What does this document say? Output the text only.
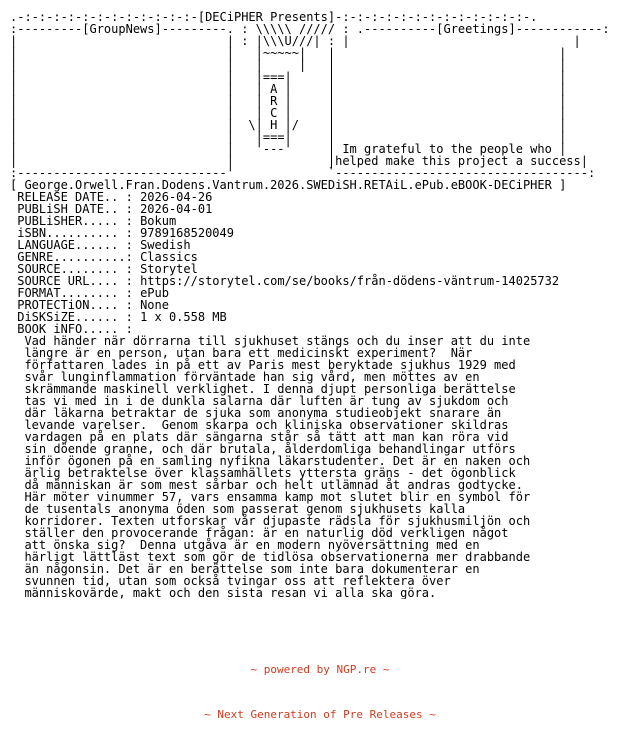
.-:-:-:-:-:-:-:-:-:-:-:-:-[DECiPHER Presents]-:-:-:-:-:-:-:-:-:-:-:-:-:-.
:---------[GroupNews]---------. : \\\\\ ///// : .----------[Greetings]------------:
|                             | : |\\\U///| : |                               |
|                             |   |~~~~~|   |                               |
|                             |   |     |   |                               |
|                             |   |===|     |                               |
|                             |   | A |     |                               |
|                             |   | R |     |                               |
|                             |   | C |     |                               |
|                             |  \| H |/    |                               |
|                             |   |===|     |                               |
|                             |   '---'     | Im grateful to the people who |
|                             |             |helped make this project a success|
:-----------------------------'             `-----------------------------------:
[ George.Orwell.Fran.Dodens.Vantrum.2026.SWEDiSH.RETAiL.ePub.eBOOK-DECiPHER ]
RELEASE DATE.. : 2026-04-26
PUBLiSH DATE.. : 2026-04-01
PUBLiSHER..... : Bokum
iSBN.......... : 9789168520049
LANGUAGE...... : Swedish
GENRE..........: Classics
SOURCE........ : Storytel
SOURCE URL.... : https://storytel.com/se/books/från-dödens-väntrum-14025732
FORMAT........ : ePub
PROTECTiON.... : None
DiSKSiZE...... : 1 x 0.558 MB
BOOK iNFO..... :
Vad händer när dörrarna till sjukhuset stängs och du inser att du inte
längre är en person, utan bara ett medicinskt experiment?  När
författaren lades in på ett av Paris mest beryktade sjukhus 1929 med
svår lunginflammation förväntade han sig vård, men möttes av en
skrämmande maskinell verklighet. I denna djupt personliga berättelse
tas vi med in i de dunkla salarna där luften är tung av sjukdom och
där läkarna betraktar de sjuka som anonyma studieobjekt snarare än
levande varelser.  Genom skarpa och kliniska observationer skildras
vardagen på en plats där sängarna står så tätt att man kan röra vid
sin döende granne, och där brutala, ålderdomliga behandlingar utförs
inför ögonen på en samling nyfikna läkarstudenter. Det är en naken och
ärlig betraktelse över klassamhällets yttersta gräns - det ögonblick
då människan är som mest sårbar och helt utlämnad åt andras godtycke.
Här möter vinummer 57, vars ensamma kamp mot slutet blir en symbol för
de tusentals anonyma öden som passerat genom sjukhusets kalla
korridorer. Texten utforskar vår djupaste rädsla för sjukhusmiljön och
ställer den provocerande frågan: är en naturlig död verkligen något
att önska sig?  Denna utgåva är en modern nyöversättning med en
härligt lättläst text som gör de tidlösa observationerna mer drabbande
än någonsin. Det är en berättelse som inte bara dokumenterar en
svunnen tid, utan som också tvingar oss att reflektera över
människovärde, makt och den sista resan vi alla ska göra.

~ powered by NGP.re ~

~ Next Generation of Pre Releases ~
